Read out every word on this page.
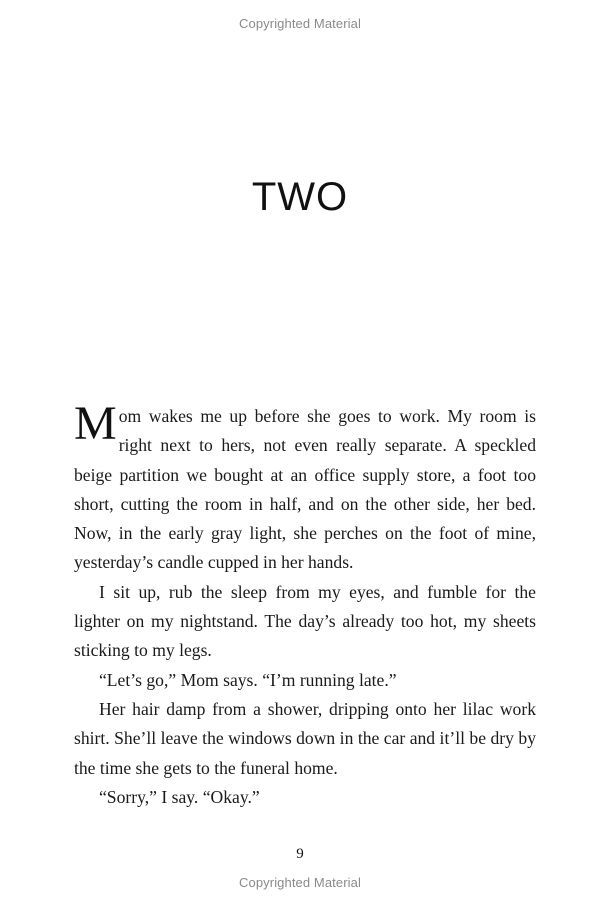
Copyrighted Material
TWO

Mom wakes me up before she goes to work. My room is right next to hers, not even really separate. A speckled beige partition we bought at an office supply store, a foot too short, cutting the room in half, and on the other side, her bed. Now, in the early gray light, she perches on the foot of mine, yesterday’s candle cupped in her hands.

I sit up, rub the sleep from my eyes, and fumble for the lighter on my nightstand. The day’s already too hot, my sheets sticking to my legs.

“Let’s go,” Mom says. “I’m running late.”

Her hair damp from a shower, dripping onto her lilac work shirt. She’ll leave the windows down in the car and it’ll be dry by the time she gets to the funeral home.

“Sorry,” I say. “Okay.”

9
Copyrighted Material
